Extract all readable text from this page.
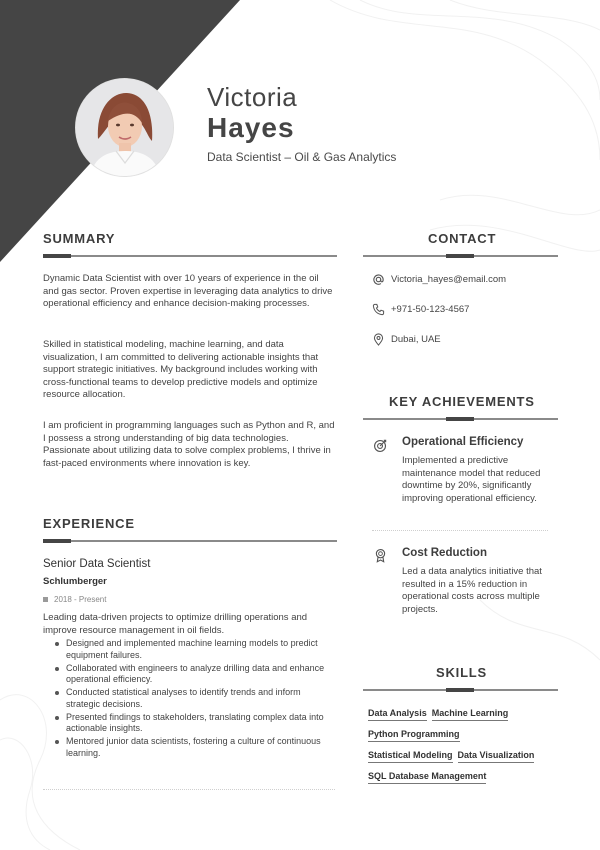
Victoria
Hayes
Data Scientist – Oil & Gas Analytics
SUMMARY
Dynamic Data Scientist with over 10 years of experience in the oil and gas sector. Proven expertise in leveraging data analytics to drive operational efficiency and enhance decision-making processes.
Skilled in statistical modeling, machine learning, and data visualization, I am committed to delivering actionable insights that support strategic initiatives. My background includes working with cross-functional teams to develop predictive models and optimize resource allocation.
I am proficient in programming languages such as Python and R, and I possess a strong understanding of big data technologies. Passionate about utilizing data to solve complex problems, I thrive in fast-paced environments where innovation is key.
EXPERIENCE
Senior Data Scientist
Schlumberger
2018 - Present
Leading data-driven projects to optimize drilling operations and improve resource management in oil fields.
Designed and implemented machine learning models to predict equipment failures.
Collaborated with engineers to analyze drilling data and enhance operational efficiency.
Conducted statistical analyses to identify trends and inform strategic decisions.
Presented findings to stakeholders, translating complex data into actionable insights.
Mentored junior data scientists, fostering a culture of continuous learning.
CONTACT
Victoria_hayes@email.com
+971-50-123-4567
Dubai, UAE
KEY ACHIEVEMENTS
Operational Efficiency
Implemented a predictive maintenance model that reduced downtime by 20%, significantly improving operational efficiency.
Cost Reduction
Led a data analytics initiative that resulted in a 15% reduction in operational costs across multiple projects.
SKILLS
Data Analysis Machine Learning
Python Programming
Statistical Modeling Data Visualization
SQL Database Management
